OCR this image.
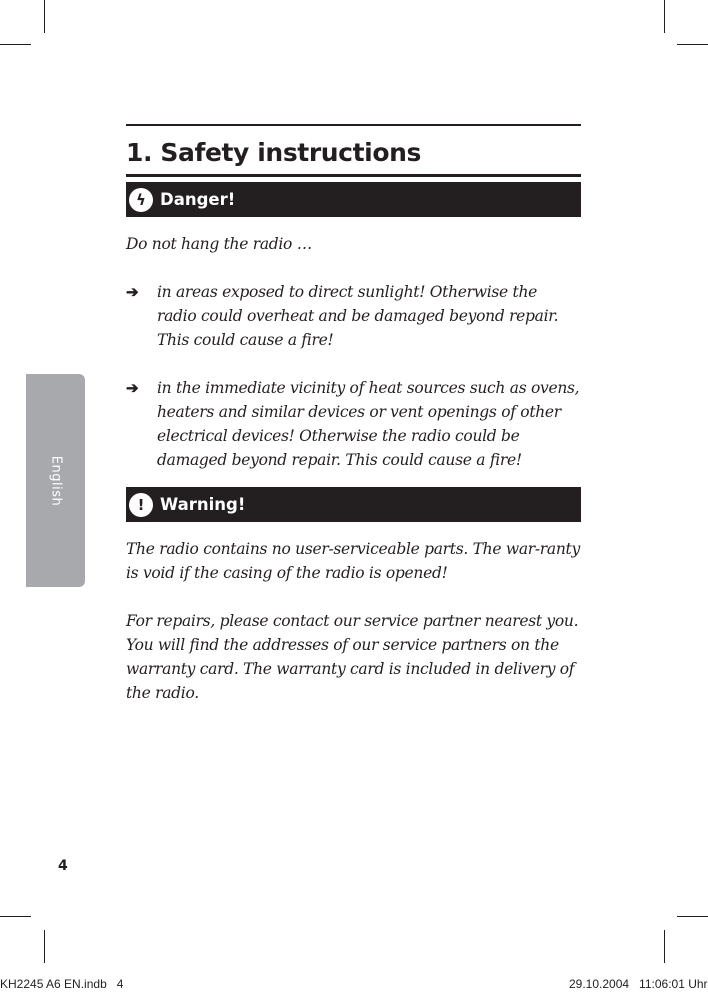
English
1. Safety instructions
ϟ Danger!

Do not hang the radio …

➔	in areas exposed to direct sunlight! Otherwise the radio could overheat and be damaged beyond repair. This could cause a fire!
➔	in the immediate vicinity of heat sources such as ovens, heaters and similar devices or vent openings of other electrical devices! Otherwise the radio could be damaged beyond repair. This could cause a fire!
! Warning!

The radio contains no user-serviceable parts. The war-ranty is void if the casing of the radio is opened!

For repairs, please contact our service partner nearest you. You will find the addresses of our service partners on the warranty card. The warranty card is included in delivery of the radio.

4
KH2245 A6 EN.indb   4	29.10.2004   11:06:01 Uhr
